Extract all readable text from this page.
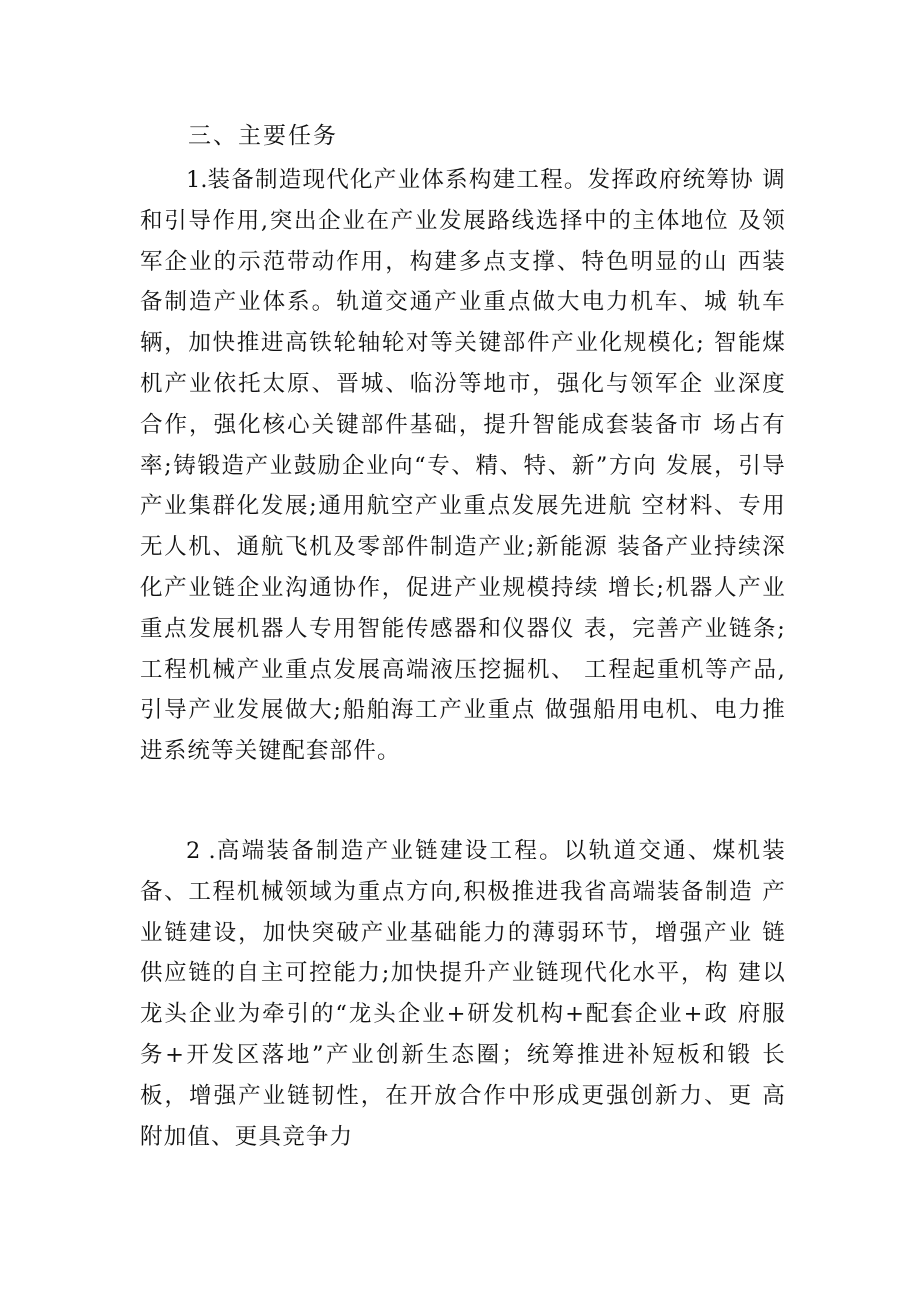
三、主要任务

1.装备制造现代化产业体系构建工程。发挥政府统筹协 调和引导作用,突出企业在产业发展路线选择中的主体地位 及领军企业的示范带动作用，构建多点支撑、特色明显的山 西装备制造产业体系。轨道交通产业重点做大电力机车、城 轨车辆，加快推进高铁轮轴轮对等关键部件产业化规模化; 智能煤机产业依托太原、晋城、临汾等地市，强化与领军企 业深度合作，强化核心关键部件基础，提升智能成套装备市 场占有率;铸锻造产业鼓励企业向“专、精、特、新”方向 发展，引导产业集群化发展;通用航空产业重点发展先进航 空材料、专用无人机、通航飞机及零部件制造产业;新能源 装备产业持续深化产业链企业沟通协作，促进产业规模持续 增长;机器人产业重点发展机器人专用智能传感器和仪器仪 表，完善产业链条;工程机械产业重点发展高端液压挖掘机、 工程起重机等产品,引导产业发展做大;船舶海工产业重点 做强船用电机、电力推进系统等关键配套部件。

2 .高端装备制造产业链建设工程。以轨道交通、煤机装 备、工程机械领域为重点方向,积极推进我省高端装备制造 产业链建设，加快突破产业基础能力的薄弱环节，增强产业 链供应链的自主可控能力;加快提升产业链现代化水平，构 建以龙头企业为牵引的“龙头企业+研发机构+配套企业+政 府服务+开发区落地”产业创新生态圈；统筹推进补短板和锻 长板，增强产业链韧性，在开放合作中形成更强创新力、更 高附加值、更具竞争力
